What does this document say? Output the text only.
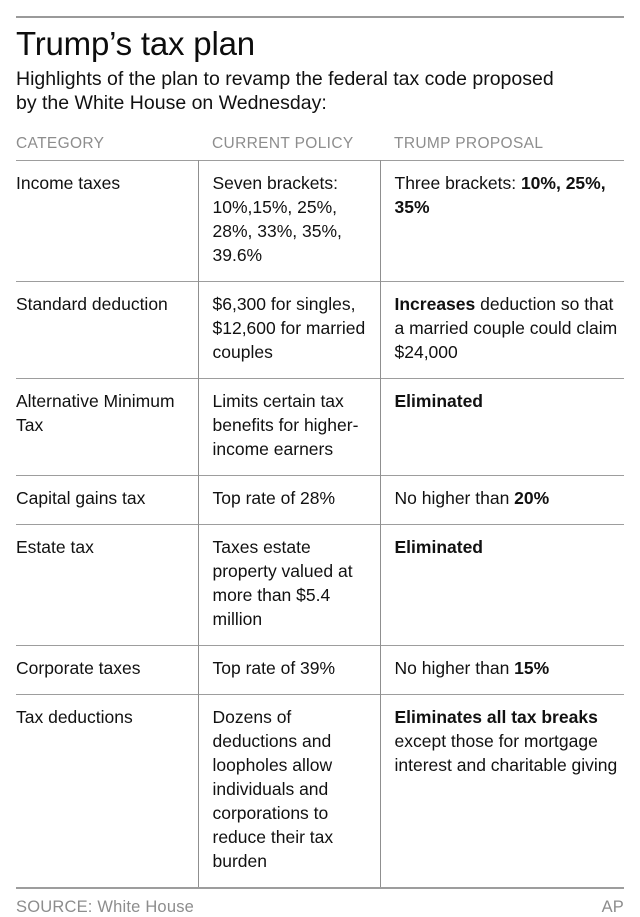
Trump’s tax plan

Highlights of the plan to revamp the federal tax code proposed by the White House on Wednesday:

CATEGORY	CURRENT POLICY	TRUMP PROPOSAL
Income taxes	Seven brackets: 10%,15%, 25%, 28%, 33%, 35%, 39.6%	Three brackets: 10%, 25%, 35%
Standard deduction	$6,300 for singles, $12,600 for married couples	Increases deduction so that a married couple could claim $24,000
Alternative Minimum Tax	Limits certain tax benefits for higher-income earners	Eliminated
Capital gains tax	Top rate of 28%	No higher than 20%
Estate tax	Taxes estate property valued at more than $5.4 million	Eliminated
Corporate taxes	Top rate of 39%	No higher than 15%
Tax deductions	Dozens of deductions and loopholes allow individuals and corporations to reduce their tax burden	Eliminates all tax breaks except those for mortgage interest and charitable giving
SOURCE: White House	AP
